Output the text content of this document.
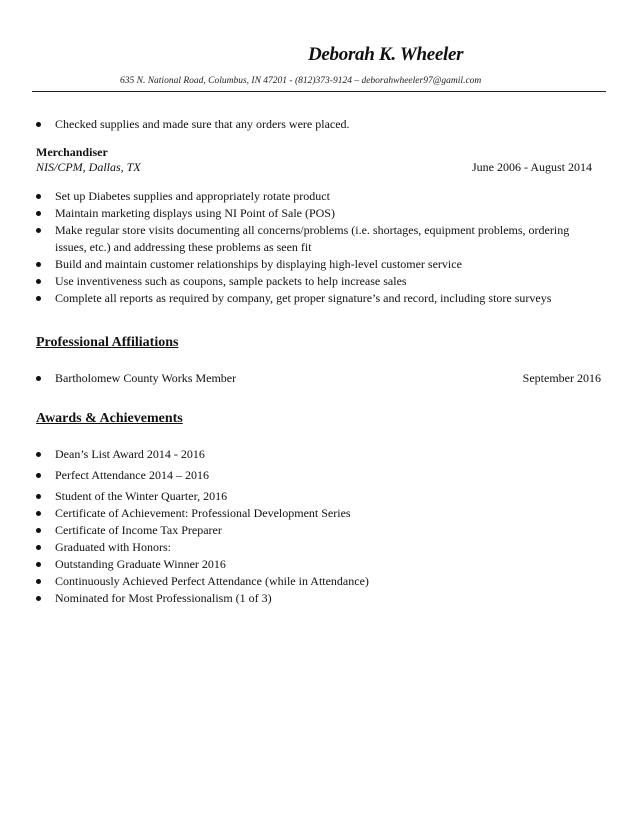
Deborah K. Wheeler
635 N. National Road, Columbus, IN 47201 - (812)373-9124 – deborahwheeler97@gamil.com
Checked supplies and made sure that any orders were placed.
Merchandiser
NIS/CPM, Dallas, TX	June 2006 - August 2014
Set up Diabetes supplies and appropriately rotate product
Maintain marketing displays using NI Point of Sale (POS)
Make regular store visits documenting all concerns/problems (i.e. shortages, equipment problems, ordering issues, etc.) and addressing these problems as seen fit
Build and maintain customer relationships by displaying high-level customer service
Use inventiveness such as coupons, sample packets to help increase sales
Complete all reports as required by company, get proper signature’s and record, including store surveys
Professional Affiliations
Bartholomew County Works Member	September 2016
Awards & Achievements
Dean’s List Award 2014 - 2016
Perfect Attendance 2014 – 2016
Student of the Winter Quarter, 2016
Certificate of Achievement: Professional Development Series
Certificate of Income Tax Preparer
Graduated with Honors:
Outstanding Graduate Winner 2016
Continuously Achieved Perfect Attendance (while in Attendance)
Nominated for Most Professionalism (1 of 3)
